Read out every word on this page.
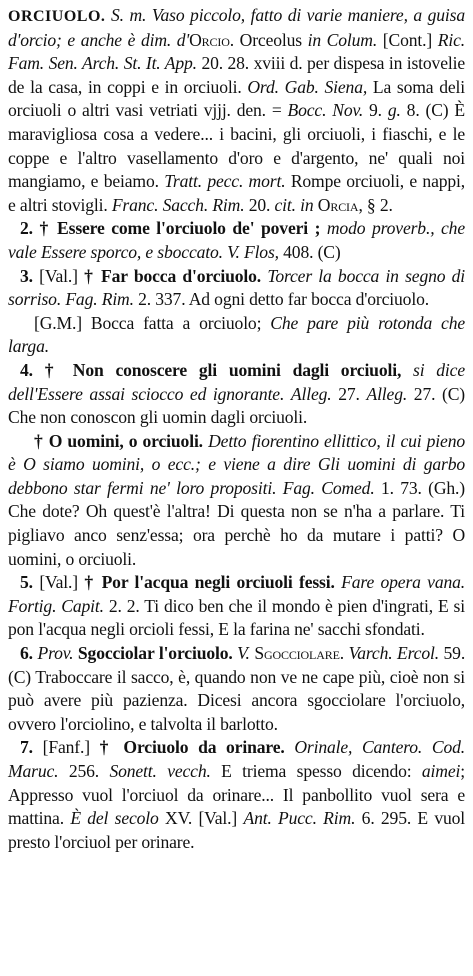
ORCIUOLO. S. m. Vaso piccolo, fatto di varie maniere, a guisa d'orcio; e anche è dim. d'Orcio. Orceolus in Colum. [Cont.] Ric. Fam. Sen. Arch. St. It. App. 20. 28. xviii d. per dispesa in istovelie de la casa, in coppi e in orciuoli. Ord. Gab. Siena, La soma deli orciuoli o altri vasi vetriati vjjj. den. = Bocc. Nov. 9. g. 8. (C) È maravigliosa cosa a vedere... i bacini, gli orciuoli, i fiaschi, e le coppe e l'altro vasellamento d'oro e d'argento, ne' quali noi mangiamo, e beiamo. Tratt. pecc. mort. Rompe orciuoli, e nappi, e altri stovigli. Franc. Sacch. Rim. 20. cit. in Orcia, § 2.

2. † Essere come l'orciuolo de' poveri ; modo proverb., che vale Essere sporco, e sboccato. V. Flos, 408. (C)

3. [Val.] † Far bocca d'orciuolo. Torcer la bocca in segno di sorriso. Fag. Rim. 2. 337. Ad ogni detto far bocca d'orciuolo.

[G.M.] Bocca fatta a orciuolo; Che pare più rotonda che larga.

4. † Non conoscere gli uomini dagli orciuoli, si dice dell'Essere assai sciocco ed ignorante. Alleg. 27. Alleg. 27. (C) Che non conoscon gli uomin dagli orciuoli.

† O uomini, o orciuoli. Detto fiorentino ellittico, il cui pieno è O siamo uomini, o ecc.; e viene a dire Gli uomini di garbo debbono star fermi ne' loro propositi. Fag. Comed. 1. 73. (Gh.) Che dote? Oh quest'è l'altra! Di questa non se n'ha a parlare. Ti pigliavo anco senz'essa; ora perchè ho da mutare i patti? O uomini, o orciuoli.

5. [Val.] † Por l'acqua negli orciuoli fessi. Fare opera vana. Fortig. Capit. 2. 2. Ti dico ben che il mondo è pien d'ingrati, E si pon l'acqua negli orcioli fessi, E la farina ne' sacchi sfondati.

6. Prov. Sgocciolar l'orciuolo. V. Sgocciolare. Varch. Ercol. 59. (C) Traboccare il sacco, è, quando non ve ne cape più, cioè non si può avere più pazienza. Dicesi ancora sgocciolare l'orciuolo, ovvero l'orciolino, e talvolta il barlotto.

7. [Fanf.] † Orciuolo da orinare. Orinale, Cantero. Cod. Maruc. 256. Sonett. vecch. E triema spesso dicendo: aimei; Appresso vuol l'orciuol da orinare... Il panbollito vuol sera e mattina. È del secolo XV. [Val.] Ant. Pucc. Rim. 6. 295. E vuol presto l'orciuol per orinare.
